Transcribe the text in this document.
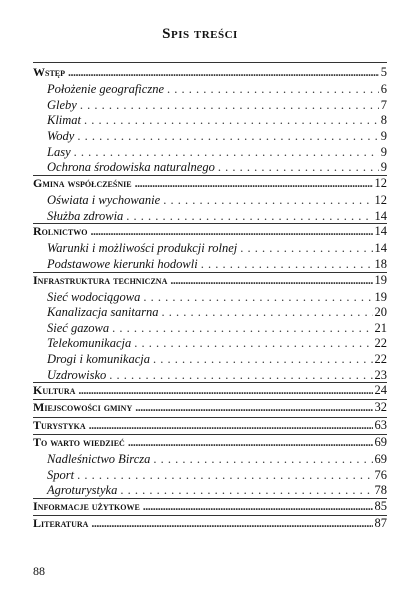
Spis treści
Wstęp .....	5
Położenie geograficzne . . .	6
Gleby . . .	7
Klimat . . .	8
Wody . . .	9
Lasy . . .	9
Ochrona środowiska naturalnego . . .	9
Gmina współcześnie .....	12
Oświata i wychowanie . . .	12
Służba zdrowia . . .	14
Rolnictwo .....	14
Warunki i możliwości produkcji rolnej . . .	14
Podstawowe kierunki hodowli . . .	18
Infrastruktura techniczna .....	19
Sieć wodociągowa . . .	19
Kanalizacja sanitarna . . .	20
Sieć gazowa . . .	21
Telekomunikacja . . .	22
Drogi i komunikacja . . .	22
Uzdrowisko . . .	23
Kultura .....	24
Miejscowości gminy .....	32
Turystyka .....	63
To warto wiedzieć .....	69
Nadleśnictwo Bircza . . .	69
Sport . . .	76
Agroturystyka . . .	78
Informacje użytkowe .....	85
Literatura .....	87
88
